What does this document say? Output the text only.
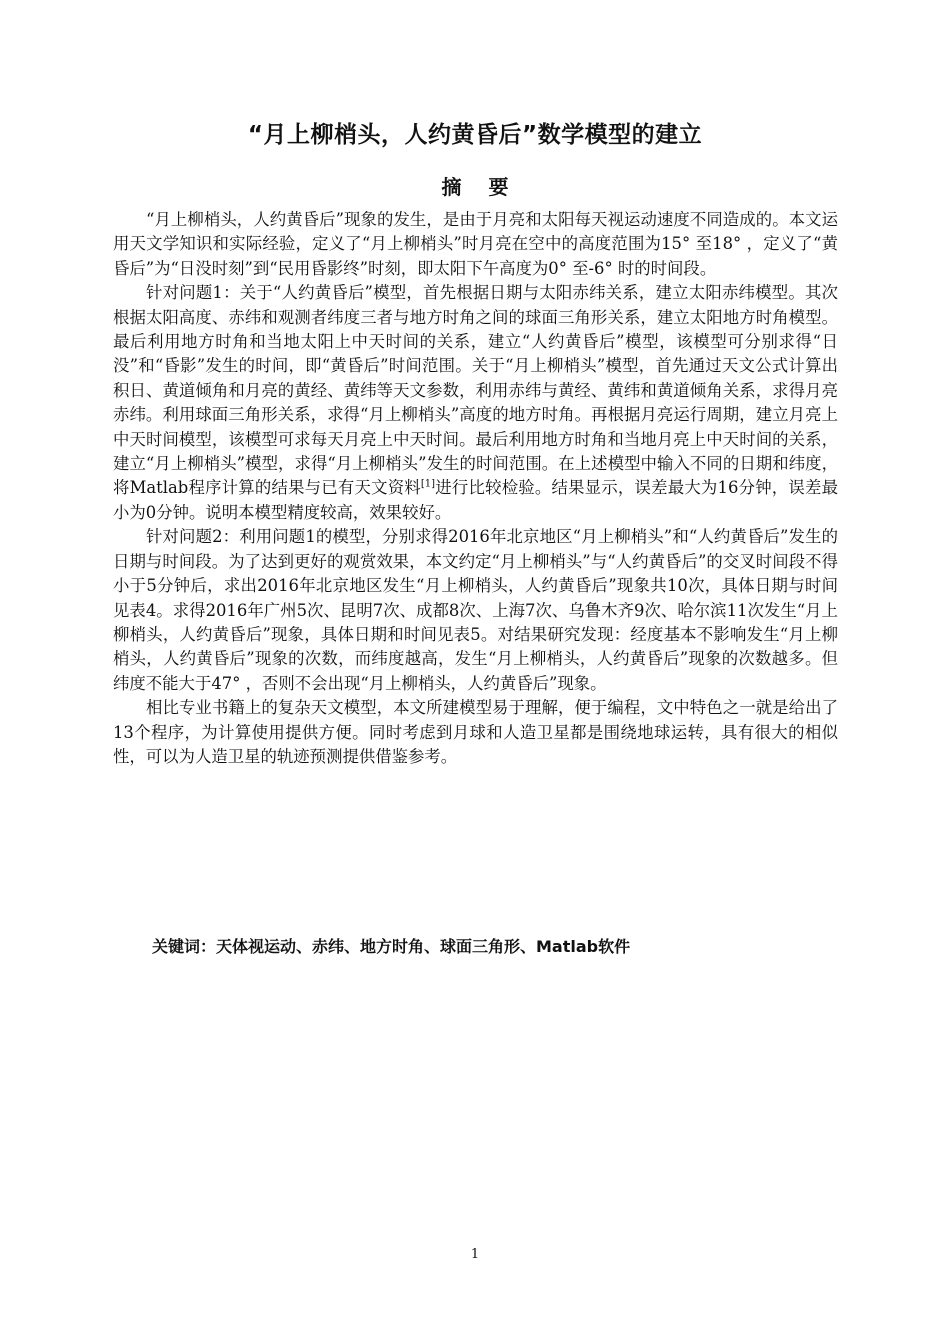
“月上柳梢头，人约黄昏后”数学模型的建立
摘 要

“月上柳梢头，人约黄昏后”现象的发生，是由于月亮和太阳每天视运动速度不同造成的。本文运用天文学知识和实际经验，定义了“月上柳梢头”时月亮在空中的高度范围为15° 至18° ，定义了“黄昏后”为“日没时刻”到“民用昏影终”时刻，即太阳下午高度为0° 至-6° 时的时间段。

针对问题1：关于“人约黄昏后”模型，首先根据日期与太阳赤纬关系，建立太阳赤纬模型。其次根据太阳高度、赤纬和观测者纬度三者与地方时角之间的球面三角形关系，建立太阳地方时角模型。最后利用地方时角和当地太阳上中天时间的关系，建立“人约黄昏后”模型，该模型可分别求得“日没”和“昏影”发生的时间，即“黄昏后”时间范围。关于“月上柳梢头”模型，首先通过天文公式计算出积日、黄道倾角和月亮的黄经、黄纬等天文参数，利用赤纬与黄经、黄纬和黄道倾角关系，求得月亮赤纬。利用球面三角形关系，求得“月上柳梢头”高度的地方时角。再根据月亮运行周期，建立月亮上中天时间模型，该模型可求每天月亮上中天时间。最后利用地方时角和当地月亮上中天时间的关系，建立“月上柳梢头”模型，求得“月上柳梢头”发生的时间范围。在上述模型中输入不同的日期和纬度，将Matlab程序计算的结果与已有天文资料[1]进行比较检验。结果显示，误差最大为16分钟，误差最小为0分钟。说明本模型精度较高，效果较好。

针对问题2：利用问题1的模型，分别求得2016年北京地区“月上柳梢头”和“人约黄昏后”发生的日期与时间段。为了达到更好的观赏效果，本文约定“月上柳梢头”与“人约黄昏后”的交叉时间段不得小于5分钟后，求出2016年北京地区发生“月上柳梢头，人约黄昏后”现象共10次，具体日期与时间见表4。求得2016年广州5次、昆明7次、成都8次、上海7次、乌鲁木齐9次、哈尔滨11次发生“月上柳梢头，人约黄昏后”现象，具体日期和时间见表5。对结果研究发现：经度基本不影响发生“月上柳梢头，人约黄昏后”现象的次数，而纬度越高，发生“月上柳梢头，人约黄昏后”现象的次数越多。但纬度不能大于47° ，否则不会出现“月上柳梢头，人约黄昏后”现象。

相比专业书籍上的复杂天文模型，本文所建模型易于理解，便于编程，文中特色之一就是给出了13个程序，为计算使用提供方便。同时考虑到月球和人造卫星都是围绕地球运转，具有很大的相似性，可以为人造卫星的轨迹预测提供借鉴参考。

关键词：天体视运动、赤纬、地方时角、球面三角形、Matlab软件
1
